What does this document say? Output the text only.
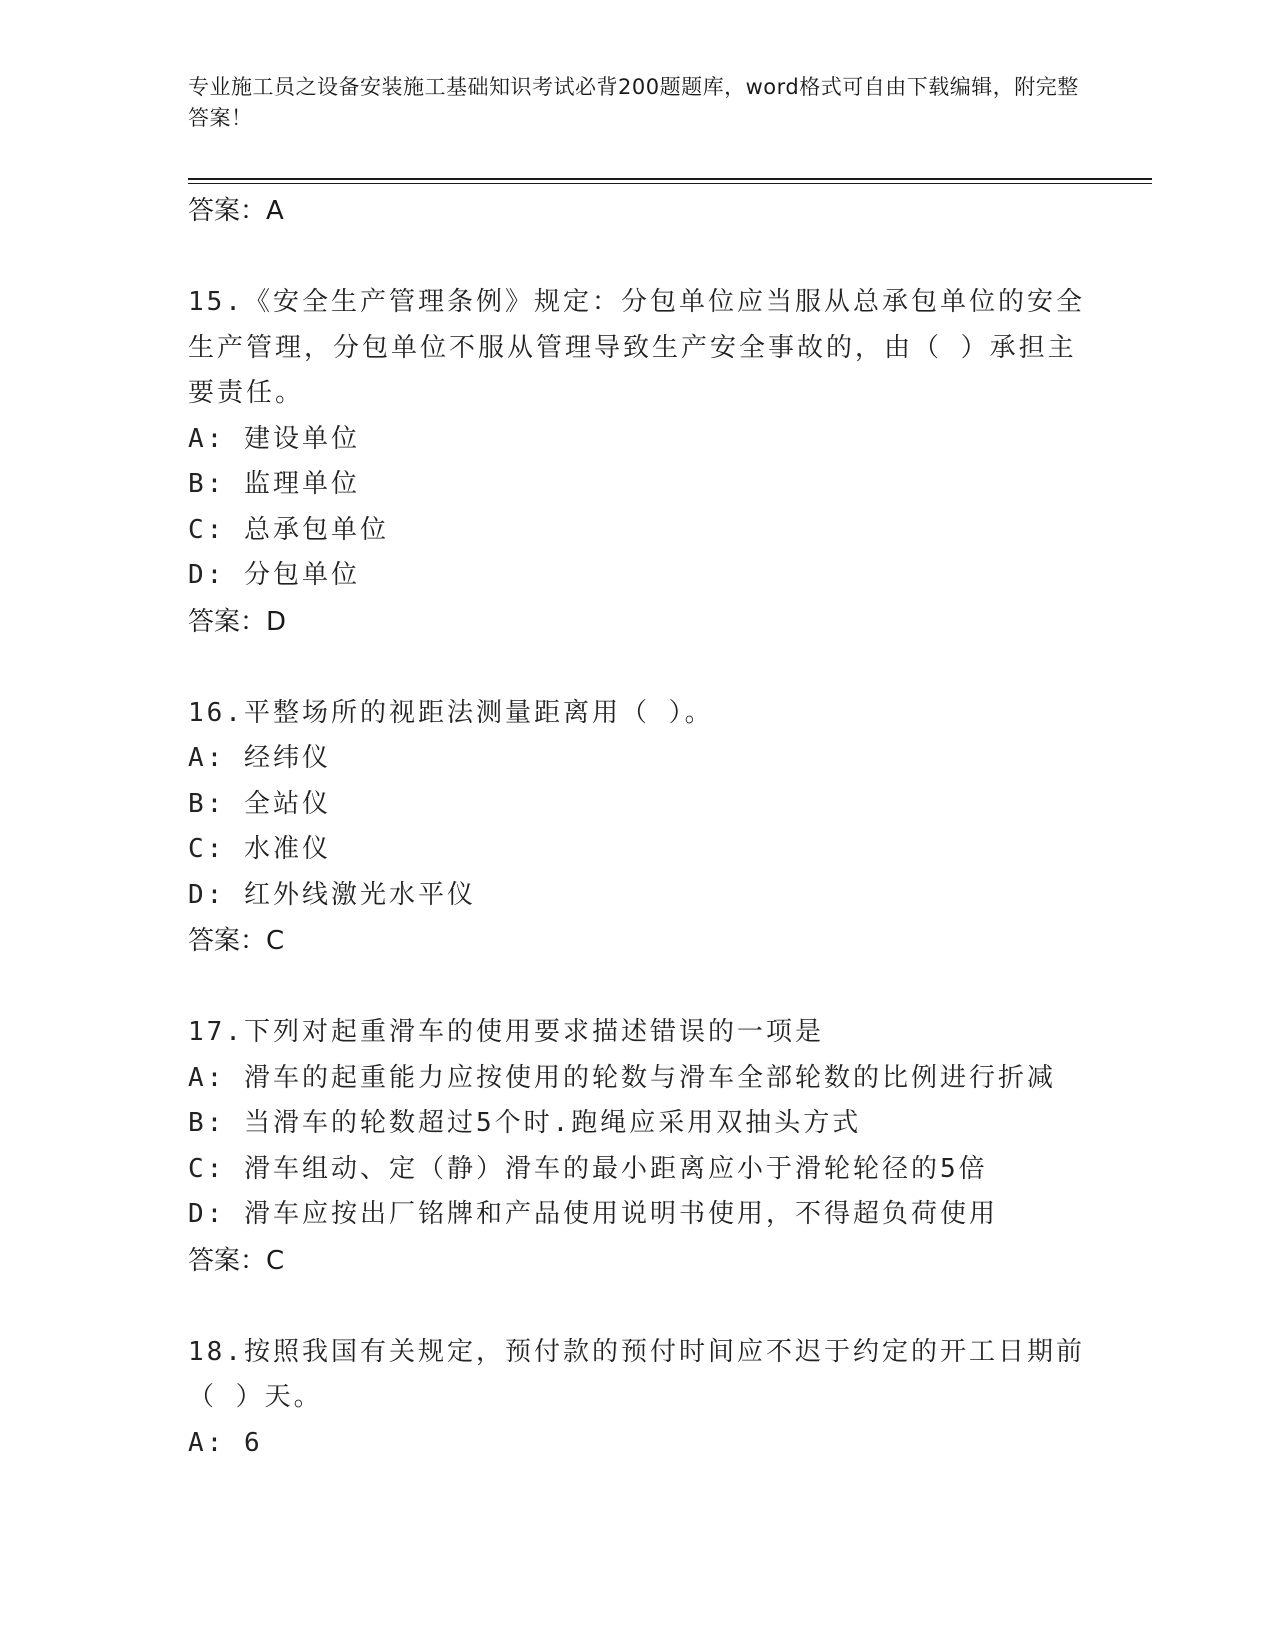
专业施工员之设备安装施工基础知识考试必背200题题库，word格式可自由下载编辑，附完整答案！
答案：A
15.《安全生产管理条例》规定：分包单位应当服从总承包单位的安全生产管理，分包单位不服从管理导致生产安全事故的，由（ ）承担主要责任。
A: 建设单位
B: 监理单位
C: 总承包单位
D: 分包单位
答案：D
16.平整场所的视距法测量距离用（ ）。
A: 经纬仪
B: 全站仪
C: 水准仪
D: 红外线激光水平仪
答案：C
17.下列对起重滑车的使用要求描述错误的一项是
A: 滑车的起重能力应按使用的轮数与滑车全部轮数的比例进行折减
B: 当滑车的轮数超过5个时.跑绳应采用双抽头方式
C: 滑车组动、定（静）滑车的最小距离应小于滑轮轮径的5倍
D: 滑车应按出厂铭牌和产品使用说明书使用，不得超负荷使用
答案：C
18.按照我国有关规定，预付款的预付时间应不迟于约定的开工日期前（ ）天。
A: 6
